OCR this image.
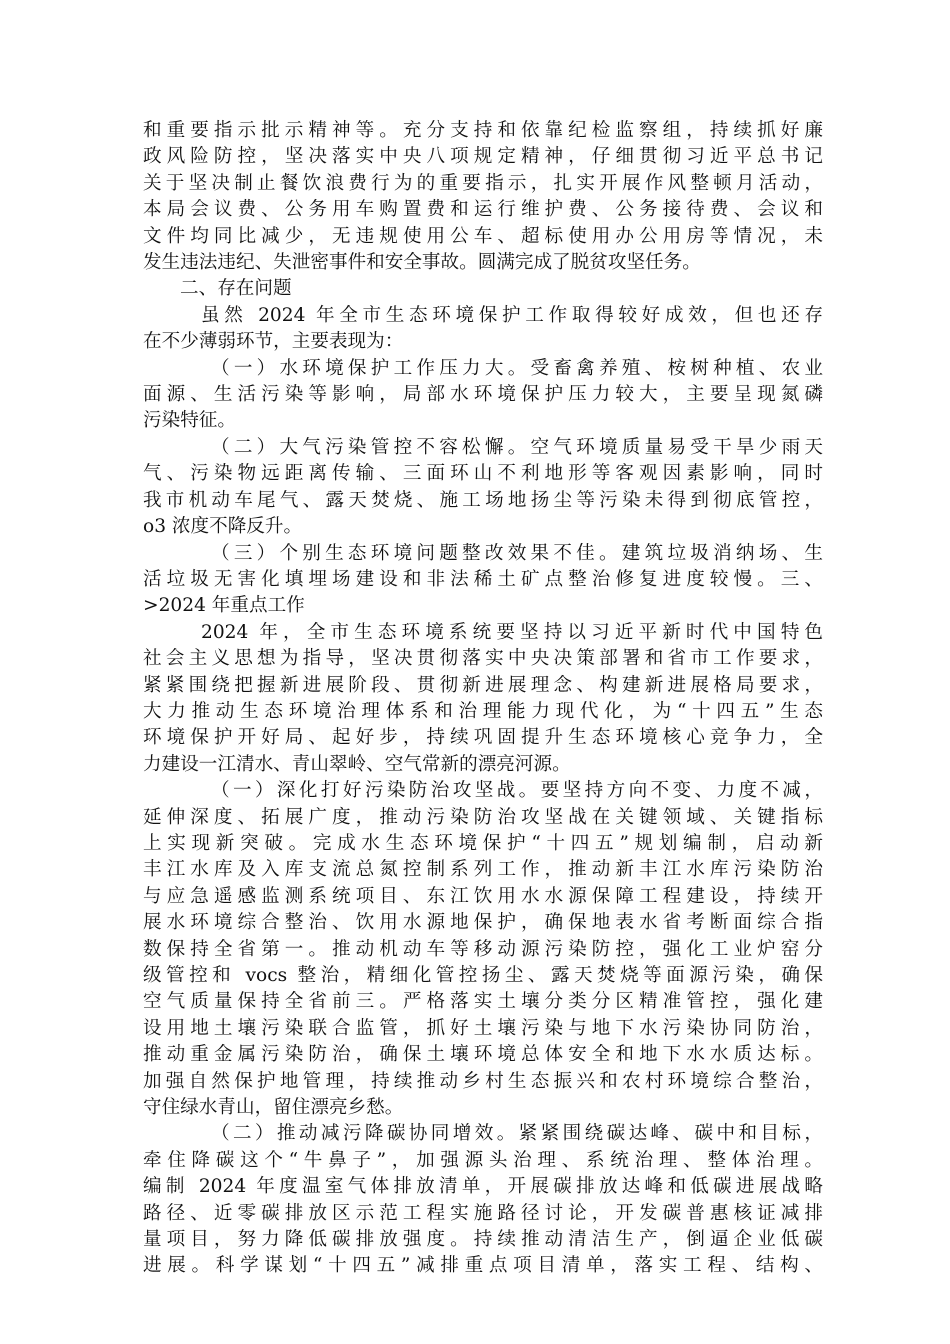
和重要指示批示精神等。充分支持和依靠纪检监察组，持续抓好廉
政风险防控，坚决落实中央八项规定精神，仔细贯彻习近平总书记
关于坚决制止餐饮浪费行为的重要指示，扎实开展作风整顿月活动，
本局会议费、公务用车购置费和运行维护费、公务接待费、会议和
文件均同比减少，无违规使用公车、超标使用办公用房等情况，未
发生违法违纪、失泄密事件和安全事故。圆满完成了脱贫攻坚任务。
二、存在问题
虽然 2024 年全市生态环境保护工作取得较好成效，但也还存
在不少薄弱环节，主要表现为：
（一）水环境保护工作压力大。受畜禽养殖、桉树种植、农业
面源、生活污染等影响，局部水环境保护压力较大，主要呈现氮磷
污染特征。
（二）大气污染管控不容松懈。空气环境质量易受干旱少雨天
气、污染物远距离传输、三面环山不利地形等客观因素影响，同时
我市机动车尾气、露天焚烧、施工场地扬尘等污染未得到彻底管控，
o3 浓度不降反升。
（三）个别生态环境问题整改效果不佳。建筑垃圾消纳场、生
活垃圾无害化填埋场建设和非法稀土矿点整治修复进度较慢。三、
>2024 年重点工作
2024 年，全市生态环境系统要坚持以习近平新时代中国特色
社会主义思想为指导，坚决贯彻落实中央决策部署和省市工作要求，
紧紧围绕把握新进展阶段、贯彻新进展理念、构建新进展格局要求，
大力推动生态环境治理体系和治理能力现代化，为“十四五”生态
环境保护开好局、起好步，持续巩固提升生态环境核心竞争力，全
力建设一江清水、青山翠岭、空气常新的漂亮河源。
（一）深化打好污染防治攻坚战。要坚持方向不变、力度不减，
延伸深度、拓展广度，推动污染防治攻坚战在关键领域、关键指标
上实现新突破。完成水生态环境保护“十四五”规划编制，启动新
丰江水库及入库支流总氮控制系列工作，推动新丰江水库污染防治
与应急遥感监测系统项目、东江饮用水水源保障工程建设，持续开
展水环境综合整治、饮用水源地保护，确保地表水省考断面综合指
数保持全省第一。推动机动车等移动源污染防控，强化工业炉窑分
级管控和 vocs 整治，精细化管控扬尘、露天焚烧等面源污染，确保
空气质量保持全省前三。严格落实土壤分类分区精准管控，强化建
设用地土壤污染联合监管，抓好土壤污染与地下水污染协同防治，
推动重金属污染防治，确保土壤环境总体安全和地下水水质达标。
加强自然保护地管理，持续推动乡村生态振兴和农村环境综合整治，
守住绿水青山，留住漂亮乡愁。
（二）推动减污降碳协同增效。紧紧围绕碳达峰、碳中和目标，
牵住降碳这个“牛鼻子”，加强源头治理、系统治理、整体治理。
编制 2024 年度温室气体排放清单，开展碳排放达峰和低碳进展战略
路径、近零碳排放区示范工程实施路径讨论，开发碳普惠核证减排
量项目，努力降低碳排放强度。持续推动清洁生产，倒逼企业低碳
进展。科学谋划“十四五”减排重点项目清单，落实工程、结构、
